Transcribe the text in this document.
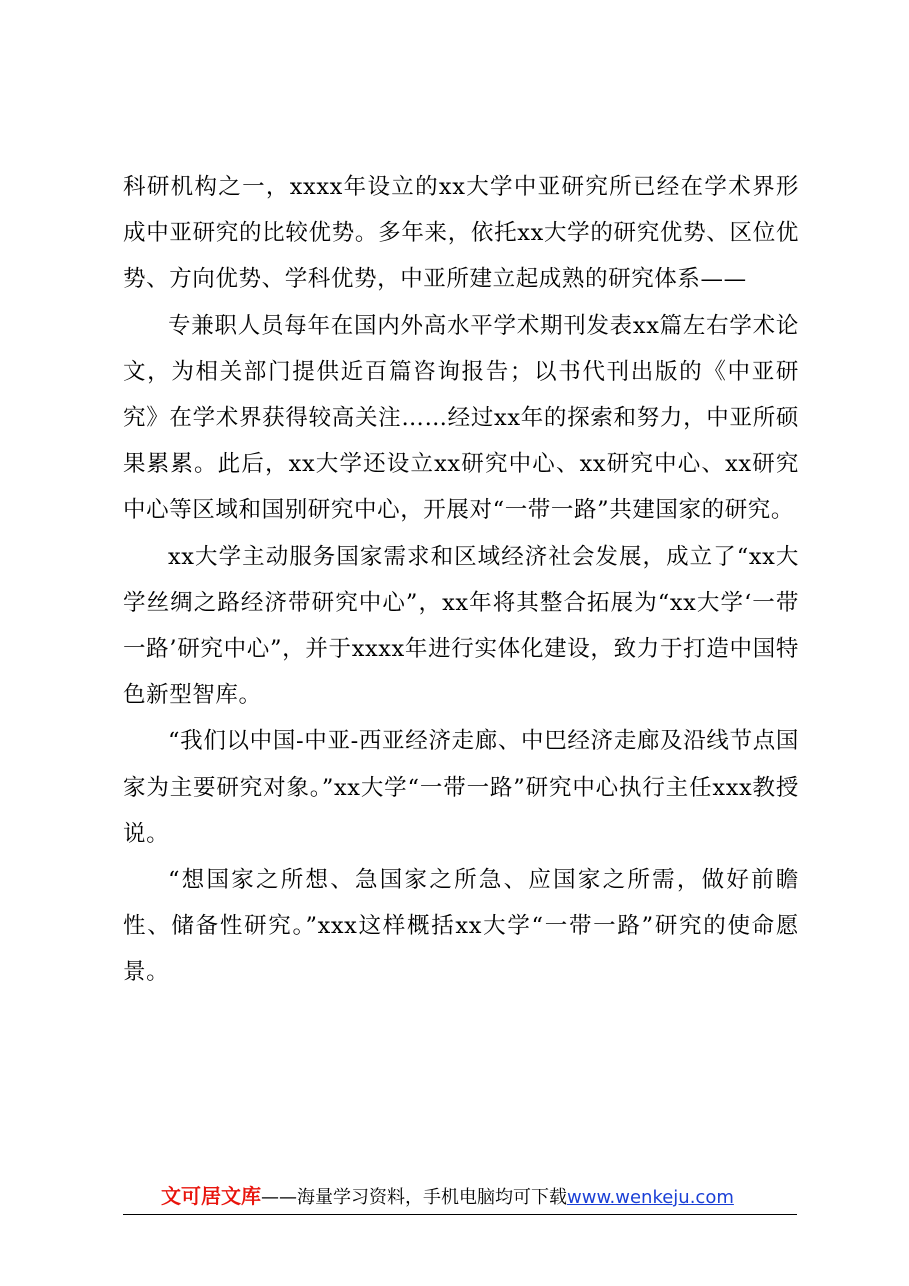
科研机构之一，xxxx年设立的xx大学中亚研究所已经在学术界形成中亚研究的比较优势。多年来，依托xx大学的研究优势、区位优势、方向优势、学科优势，中亚所建立起成熟的研究体系——

专兼职人员每年在国内外高水平学术期刊发表xx篇左右学术论文，为相关部门提供近百篇咨询报告；以书代刊出版的《中亚研究》在学术界获得较高关注……经过xx年的探索和努力，中亚所硕果累累。此后，xx大学还设立xx研究中心、xx研究中心、xx研究中心等区域和国别研究中心，开展对“一带一路”共建国家的研究。

xx大学主动服务国家需求和区域经济社会发展，成立了“xx大学丝绸之路经济带研究中心”，xx年将其整合拓展为“xx大学‘一带一路’研究中心”，并于xxxx年进行实体化建设，致力于打造中国特色新型智库。

“我们以中国-中亚-西亚经济走廊、中巴经济走廊及沿线节点国家为主要研究对象。”xx大学“一带一路”研究中心执行主任xxx教授说。

“想国家之所想、急国家之所急、应国家之所需，做好前瞻性、储备性研究。”xxx这样概括xx大学“一带一路”研究的使命愿景。

文可居文库——海量学习资料，手机电脑均可下载www.wenkeju.com
